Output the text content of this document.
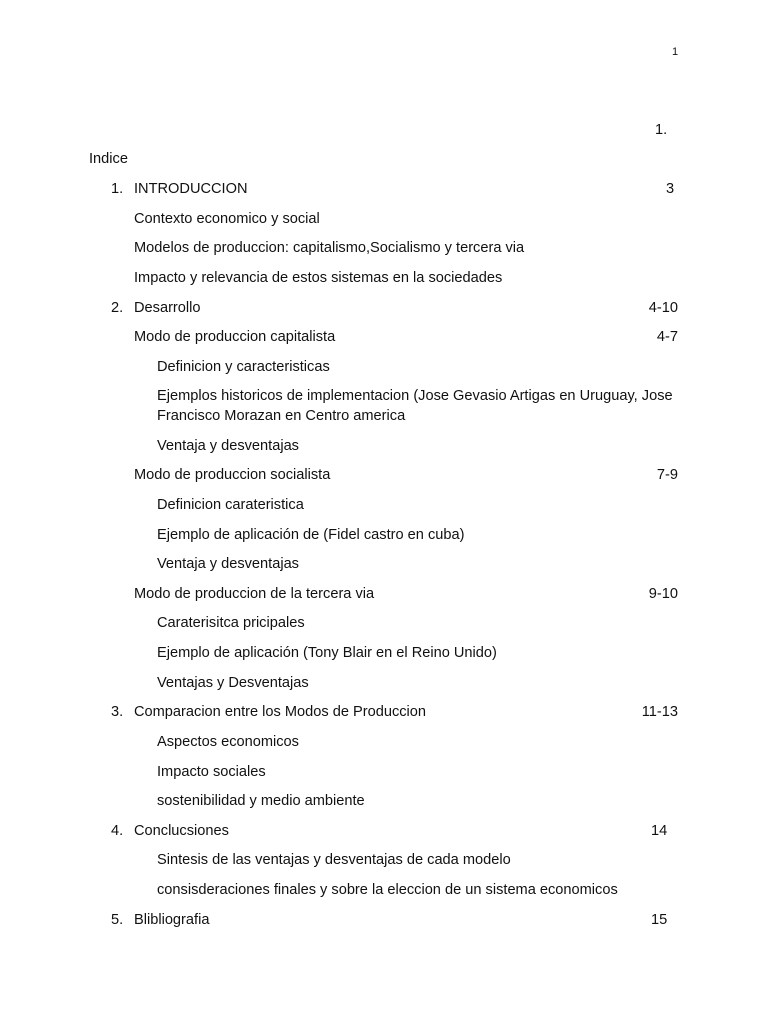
1
1.
Indice
1. INTRODUCCION	3
Contexto economico y social
Modelos de produccion: capitalismo,Socialismo y tercera via
Impacto y relevancia de estos sistemas en la sociedades
2. Desarrollo	4-10
Modo de produccion capitalista	4-7
Definicion y caracteristicas
Ejemplos historicos de implementacion (Jose Gevasio Artigas en Uruguay, Jose Francisco Morazan en Centro america
Ventaja y desventajas
Modo de produccion socialista	7-9
Definicion carateristica
Ejemplo de aplicación de (Fidel castro en cuba)
Ventaja y desventajas
Modo de produccion de la tercera via	9-10
Caraterisitca pricipales
Ejemplo de aplicación (Tony Blair en el Reino Unido)
Ventajas y Desventajas
3. Comparacion entre los Modos de Produccion	11-13
Aspectos economicos
Impacto sociales
sostenibilidad y medio ambiente
4. Conclucsiones	14
Sintesis de las ventajas y desventajas de cada modelo
consisderaciones finales y sobre la eleccion de un sistema economicos
5. Blibliografia	15
